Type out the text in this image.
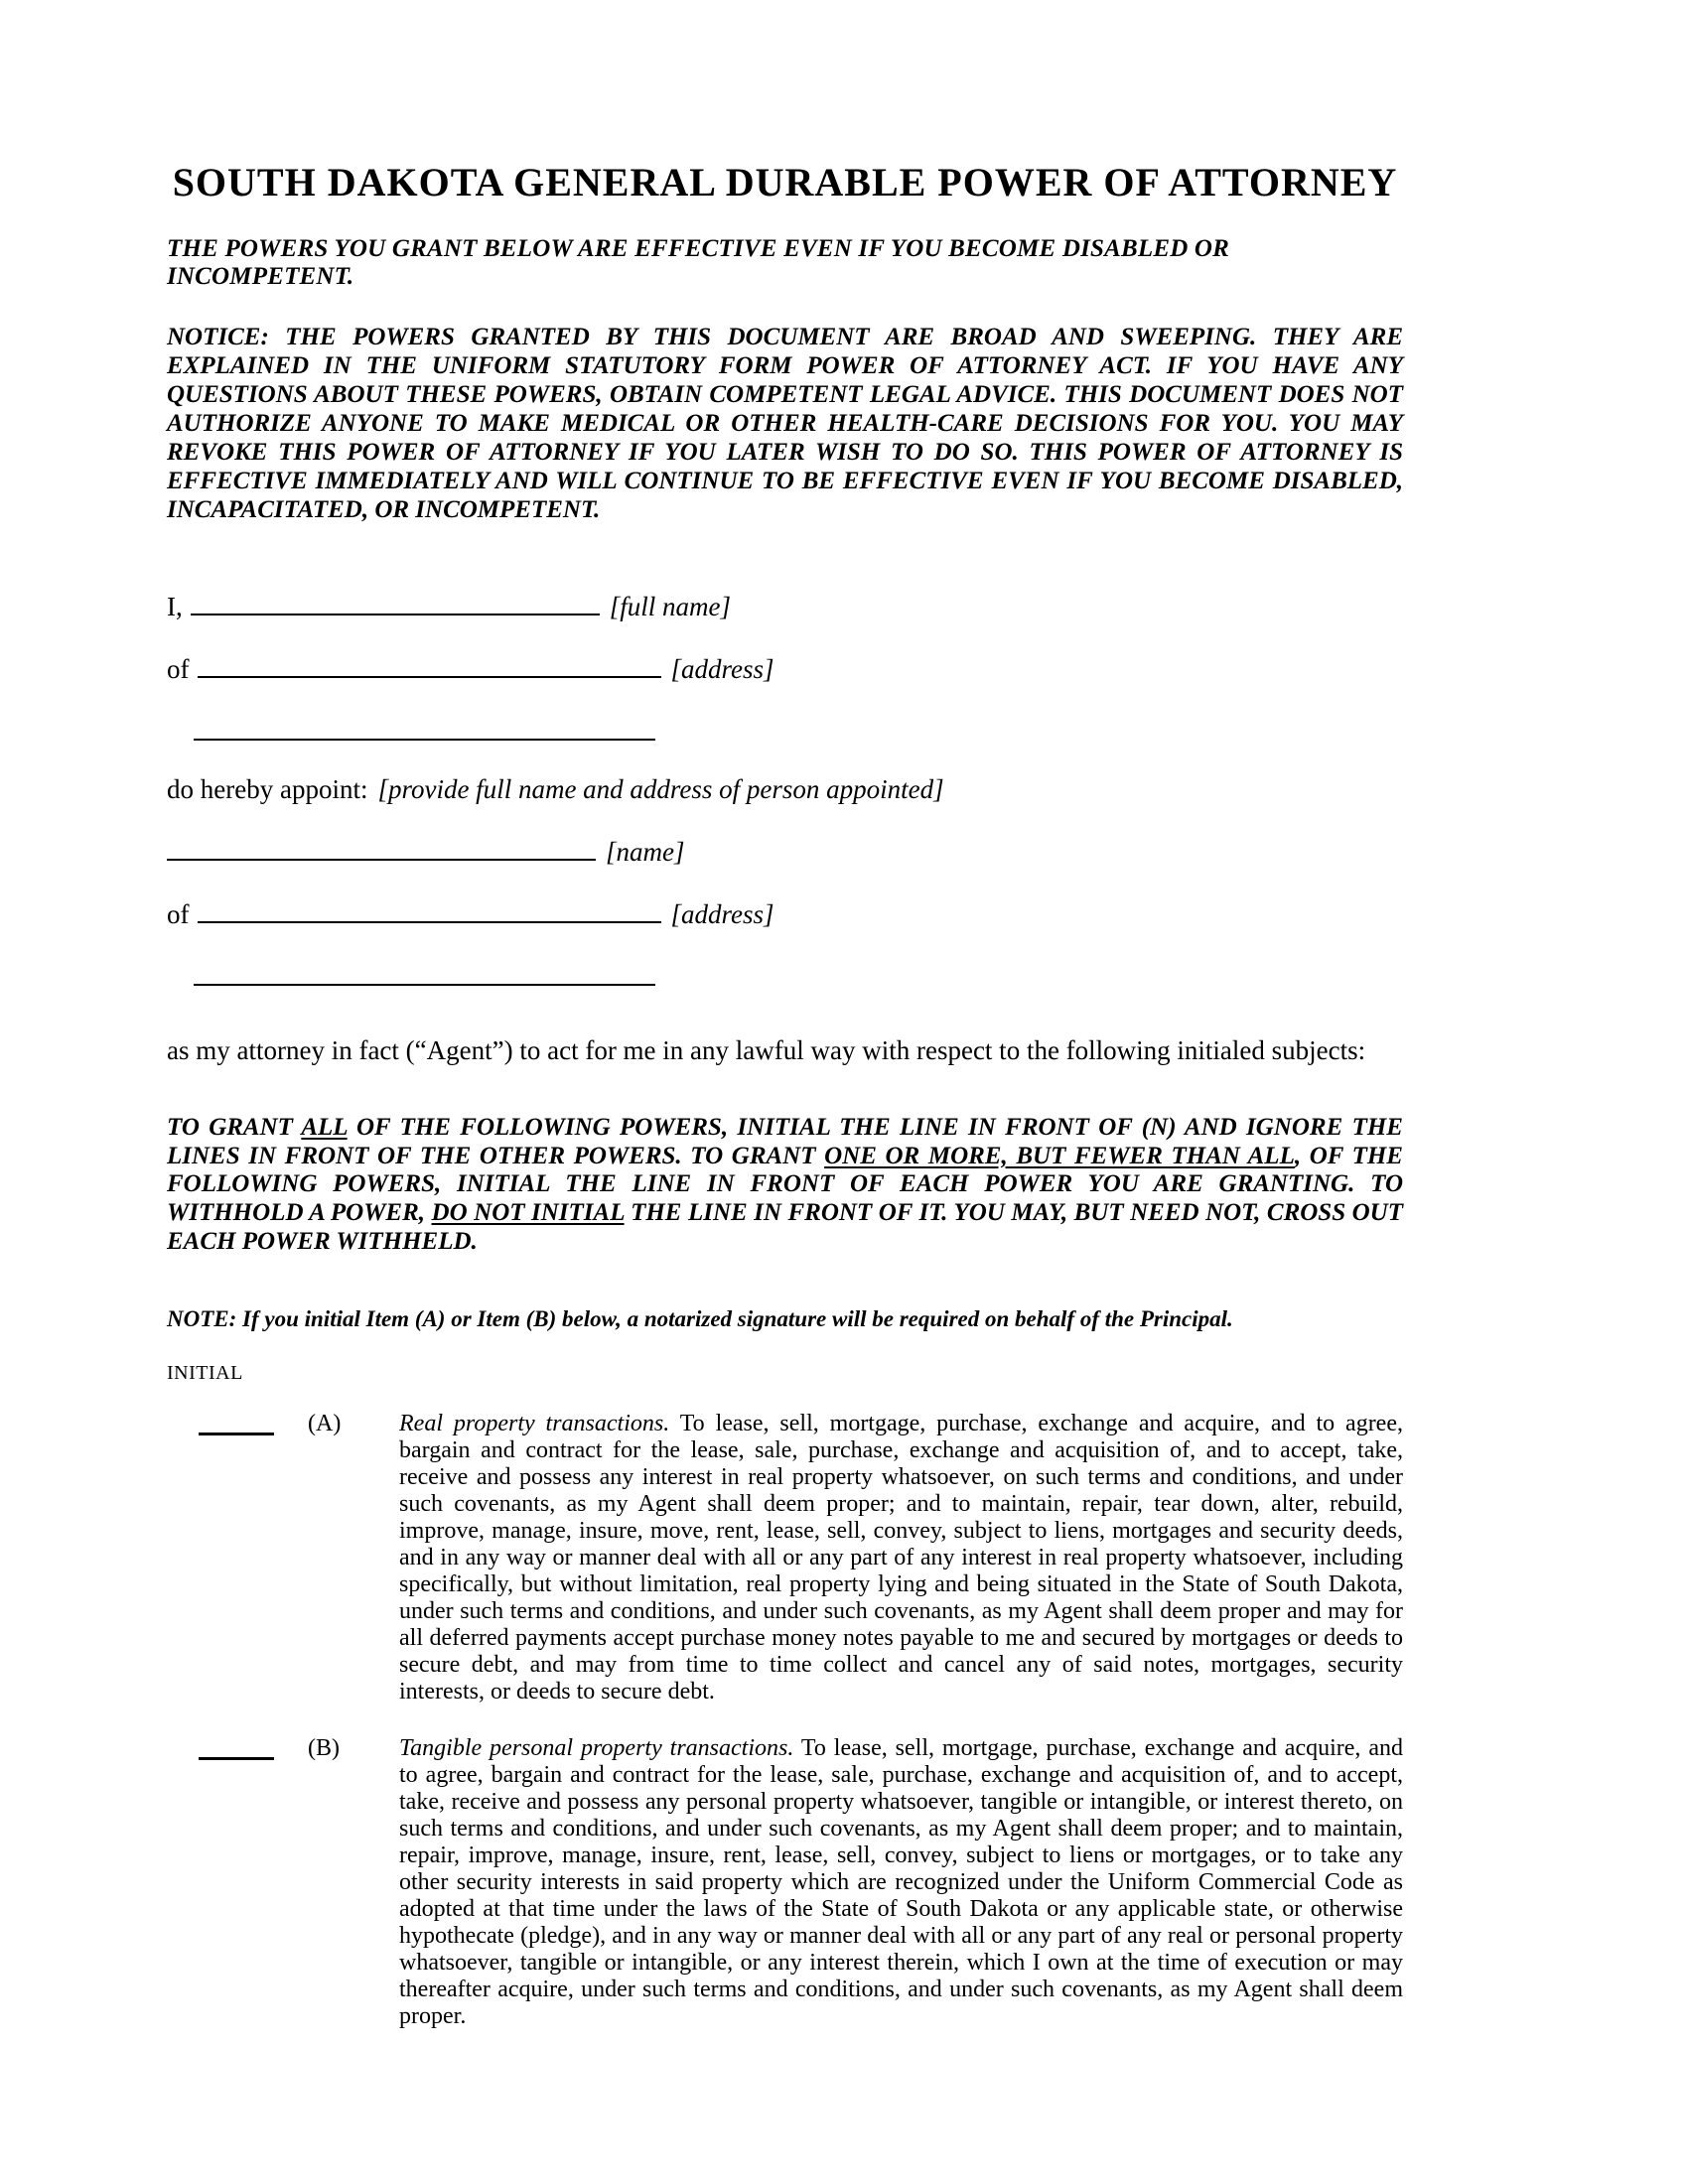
SOUTH DAKOTA GENERAL DURABLE POWER OF ATTORNEY

THE POWERS YOU GRANT BELOW ARE EFFECTIVE EVEN IF YOU BECOME DISABLED OR INCOMPETENT.

NOTICE: THE POWERS GRANTED BY THIS DOCUMENT ARE BROAD AND SWEEPING. THEY ARE EXPLAINED IN THE UNIFORM STATUTORY FORM POWER OF ATTORNEY ACT. IF YOU HAVE ANY QUESTIONS ABOUT THESE POWERS, OBTAIN COMPETENT LEGAL ADVICE. THIS DOCUMENT DOES NOT AUTHORIZE ANYONE TO MAKE MEDICAL OR OTHER HEALTH-CARE DECISIONS FOR YOU. YOU MAY REVOKE THIS POWER OF ATTORNEY IF YOU LATER WISH TO DO SO. THIS POWER OF ATTORNEY IS EFFECTIVE IMMEDIATELY AND WILL CONTINUE TO BE EFFECTIVE EVEN IF YOU BECOME DISABLED, INCAPACITATED, OR INCOMPETENT.

I,	[full name]
of	[address]
do hereby appoint: [provide full name and address of person appointed]
[name]
of	[address]

as my attorney in fact (“Agent”) to act for me in any lawful way with respect to the following initialed subjects:

TO GRANT ALL OF THE FOLLOWING POWERS, INITIAL THE LINE IN FRONT OF (N) AND IGNORE THE LINES IN FRONT OF THE OTHER POWERS. TO GRANT ONE OR MORE, BUT FEWER THAN ALL, OF THE FOLLOWING POWERS, INITIAL THE LINE IN FRONT OF EACH POWER YOU ARE GRANTING. TO WITHHOLD A POWER, DO NOT INITIAL THE LINE IN FRONT OF IT. YOU MAY, BUT NEED NOT, CROSS OUT EACH POWER WITHHELD.

NOTE: If you initial Item (A) or Item (B) below, a notarized signature will be required on behalf of the Principal.

INITIAL

(A)	Real property transactions. To lease, sell, mortgage, purchase, exchange and acquire, and to agree, bargain and contract for the lease, sale, purchase, exchange and acquisition of, and to accept, take, receive and possess any interest in real property whatsoever, on such terms and conditions, and under such covenants, as my Agent shall deem proper; and to maintain, repair, tear down, alter, rebuild, improve, manage, insure, move, rent, lease, sell, convey, subject to liens, mortgages and security deeds, and in any way or manner deal with all or any part of any interest in real property whatsoever, including specifically, but without limitation, real property lying and being situated in the State of South Dakota, under such terms and conditions, and under such covenants, as my Agent shall deem proper and may for all deferred payments accept purchase money notes payable to me and secured by mortgages or deeds to secure debt, and may from time to time collect and cancel any of said notes, mortgages, security interests, or deeds to secure debt.
(B)	Tangible personal property transactions. To lease, sell, mortgage, purchase, exchange and acquire, and to agree, bargain and contract for the lease, sale, purchase, exchange and acquisition of, and to accept, take, receive and possess any personal property whatsoever, tangible or intangible, or interest thereto, on such terms and conditions, and under such covenants, as my Agent shall deem proper; and to maintain, repair, improve, manage, insure, rent, lease, sell, convey, subject to liens or mortgages, or to take any other security interests in said property which are recognized under the Uniform Commercial Code as adopted at that time under the laws of the State of South Dakota or any applicable state, or otherwise hypothecate (pledge), and in any way or manner deal with all or any part of any real or personal property whatsoever, tangible or intangible, or any interest therein, which I own at the time of execution or may thereafter acquire, under such terms and conditions, and under such covenants, as my Agent shall deem proper.
